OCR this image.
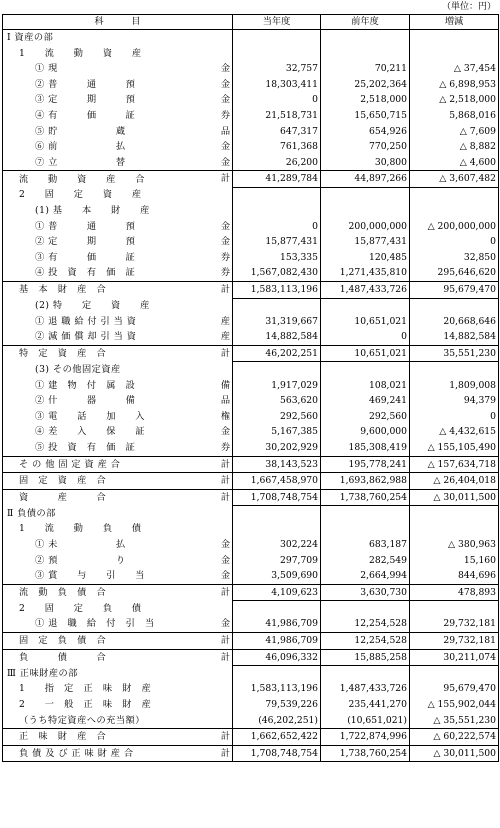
（単位：円）
科　　　目	当年度	前年度	増減
Ⅰ 資産の部

1　　流　　動　　資　　産

① 現 金	32,757	70,211	△ 37,454
② 普　　　通　　　預 金	18,303,411	25,202,364	△ 6,898,953
③ 定　　　期　　　預 金	0	2,518,000	△ 2,518,000
④ 有　　　価　　　証 券	21,518,731	15,650,715	5,868,016
⑤ 貯　　　　　　蔵 品	647,317	654,926	△ 7,609
⑥ 前　　　　　　払 金	761,368	770,250	△ 8,882
⑦ 立　　　　　　替 金	26,200	30,800	△ 4,600
流　　動　　資　　産　　合 計	41,289,784	44,897,266	△ 3,607,482
2　　固　　定　　資　　産

(1) 基　　本　　財　　産

① 普　　　通　　　預 金	0	200,000,000	△ 200,000,000
② 定　　　期　　　預 金	15,877,431	15,877,431	0
③ 有　　　価　　　証 券	153,335	120,485	32,850
④ 投　資　有　価　証 券	1,567,082,430	1,271,435,810	295,646,620
基　本　財　産　合 計	1,583,113,196	1,487,433,726	95,679,470
(2) 特　　定　　資　　産

① 退 職 給 付 引 当 資 産	31,319,667	10,651,021	20,668,646
② 減 価 償 却 引 当 資 産	14,882,584	0	14,882,584
特　定　資　産　合 計	46,202,251	10,651,021	35,551,230
(3) その他固定資産

① 建　物　付　属　設 備	1,917,029	108,021	1,809,008
② 什　　　器　　　備 品	563,620	469,241	94,379
③ 電　　話　　加　　入 権	292,560	292,560	0
④ 差　　入　　保　　証 金	5,167,385	9,600,000	△ 4,432,615
⑤ 投　資　有　価　証 券	30,202,929	185,308,419	△ 155,105,490
そ の 他 固 定 資 産 合 計	38,143,523	195,778,241	△ 157,634,718
固　定　資　産　合 計	1,667,458,970	1,693,862,988	△ 26,404,018
資　　　産　　　合 計	1,708,748,754	1,738,760,254	△ 30,011,500
Ⅱ 負債の部

1　　流　　動　　負　　債

① 未　　　　　　払 金	302,224	683,187	△ 380,963
② 預　　　　　　り 金	297,709	282,549	15,160
③ 賞　　与　　引　　当 金	3,509,690	2,664,994	844,696
流　動　負　債　合 計	4,109,623	3,630,730	478,893
2　　固　　定　　負　　債

① 退　職　給　付　引　当 金	41,986,709	12,254,528	29,732,181
固　定　負　債　合 計	41,986,709	12,254,528	29,732,181
負　　　債　　　合 計	46,096,332	15,885,258	30,211,074
Ⅲ 正味財産の部

1　　指　定　正　味　財　産	1,583,113,196	1,487,433,726	95,679,470
2　　一　般　正　味　財　産	79,539,226	235,441,270	△ 155,902,044
（うち特定資産への充当額）	(46,202,251)	(10,651,021)	△ 35,551,230
正　味　財　産　合 計	1,662,652,422	1,722,874,996	△ 60,222,574
負 債 及 び 正 味 財 産 合 計	1,708,748,754	1,738,760,254	△ 30,011,500
